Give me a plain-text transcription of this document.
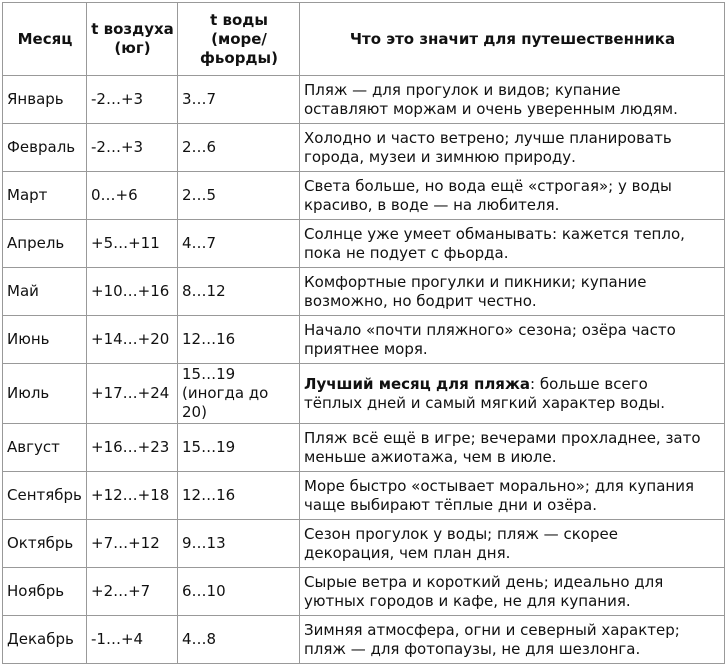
Месяц	t воздуха (юг)	t воды (море/ фьорды)	Что это значит для путешественника
Январь	-2…+3	3…7	Пляж — для прогулок и видов; купание
оставляют моржам и очень уверенным людям.
Февраль	-2…+3	2…6	Холодно и часто ветрено; лучше планировать
города, музеи и зимнюю природу.
Март	0…+6	2…5	Света больше, но вода ещё «строгая»; у воды
красиво, в воде — на любителя.
Апрель	+5…+11	4…7	Солнце уже умеет обманывать: кажется тепло,
пока не подует с фьорда.
Май	+10…+16	8…12	Комфортные прогулки и пикники; купание
возможно, но бодрит честно.
Июнь	+14…+20	12…16	Начало «почти пляжного» сезона; озёра часто
приятнее моря.
Июль	+17…+24	15…19
(иногда до
20)	Лучший месяц для пляжа: больше всего
тёплых дней и самый мягкий характер воды.
Август	+16…+23	15…19	Пляж всё ещё в игре; вечерами прохладнее, зато
меньше ажиотажа, чем в июле.
Сентябрь	+12…+18	12…16	Море быстро «остывает морально»; для купания
чаще выбирают тёплые дни и озёра.
Октябрь	+7…+12	9…13	Сезон прогулок у воды; пляж — скорее
декорация, чем план дня.
Ноябрь	+2…+7	6…10	Сырые ветра и короткий день; идеально для
уютных городов и кафе, не для купания.
Декабрь	-1…+4	4…8	Зимняя атмосфера, огни и северный характер;
пляж — для фотопаузы, не для шезлонга.
